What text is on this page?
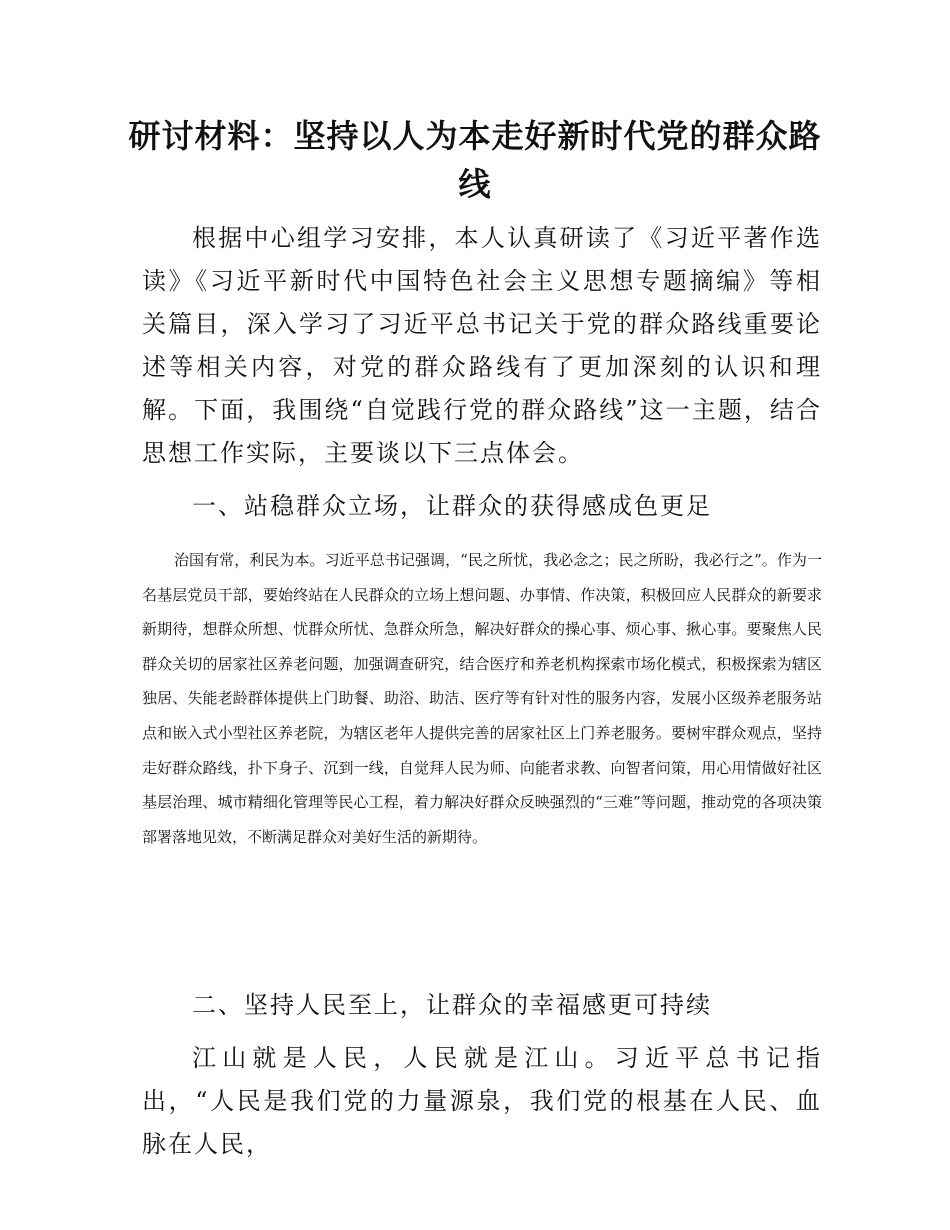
研讨材料：坚持以人为本走好新时代党的群众路线

根据中心组学习安排，本人认真研读了《习近平著作选读》《习近平新时代中国特色社会主义思想专题摘编》等相关篇目，深入学习了习近平总书记关于党的群众路线重要论述等相关内容，对党的群众路线有了更加深刻的认识和理解。下面，我围绕“自觉践行党的群众路线”这一主题，结合思想工作实际，主要谈以下三点体会。

一、站稳群众立场，让群众的获得感成色更足

治国有常，利民为本。习近平总书记强调，“民之所忧，我必念之；民之所盼，我必行之”。作为一名基层党员干部，要始终站在人民群众的立场上想问题、办事情、作决策，积极回应人民群众的新要求新期待，想群众所想、忧群众所忧、急群众所急，解决好群众的操心事、烦心事、揪心事。要聚焦人民群众关切的居家社区养老问题，加强调查研究，结合医疗和养老机构探索市场化模式，积极探索为辖区独居、失能老龄群体提供上门助餐、助浴、助洁、医疗等有针对性的服务内容，发展小区级养老服务站点和嵌入式小型社区养老院，为辖区老年人提供完善的居家社区上门养老服务。要树牢群众观点，坚持走好群众路线，扑下身子、沉到一线，自觉拜人民为师、向能者求教、向智者问策，用心用情做好社区基层治理、城市精细化管理等民心工程，着力解决好群众反映强烈的“三难”等问题，推动党的各项决策部署落地见效，不断满足群众对美好生活的新期待。

二、坚持人民至上，让群众的幸福感更可持续

江山就是人民，人民就是江山。习近平总书记指出，“人民是我们党的力量源泉，我们党的根基在人民、血脉在人民，
